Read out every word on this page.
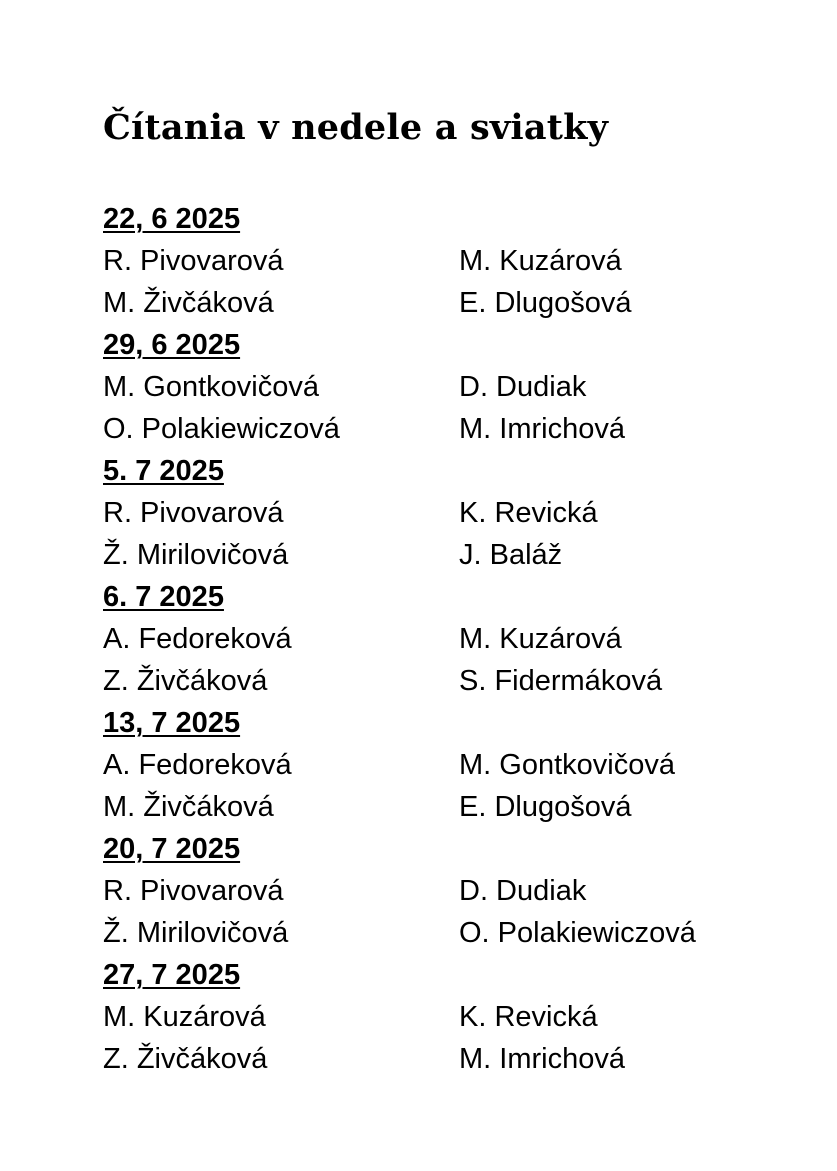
Čítania v nedele a sviatky
22, 6 2025
R. Pivovarová	M. Kuzárová
M. Živčáková	E. Dlugošová
29, 6 2025
M. Gontkovičová	D. Dudiak
O. Polakiewiczová	M. Imrichová
5. 7 2025
R. Pivovarová	K. Revická
Ž. Mirilovičová	J. Baláž
6. 7 2025
A. Fedoreková	M. Kuzárová
Z. Živčáková	S. Fidermáková
13, 7 2025
A. Fedoreková	M. Gontkovičová
M. Živčáková	E. Dlugošová
20, 7 2025
R. Pivovarová	D. Dudiak
Ž. Mirilovičová	O. Polakiewiczová
27, 7 2025
M. Kuzárová	K. Revická
Z. Živčáková	M. Imrichová
